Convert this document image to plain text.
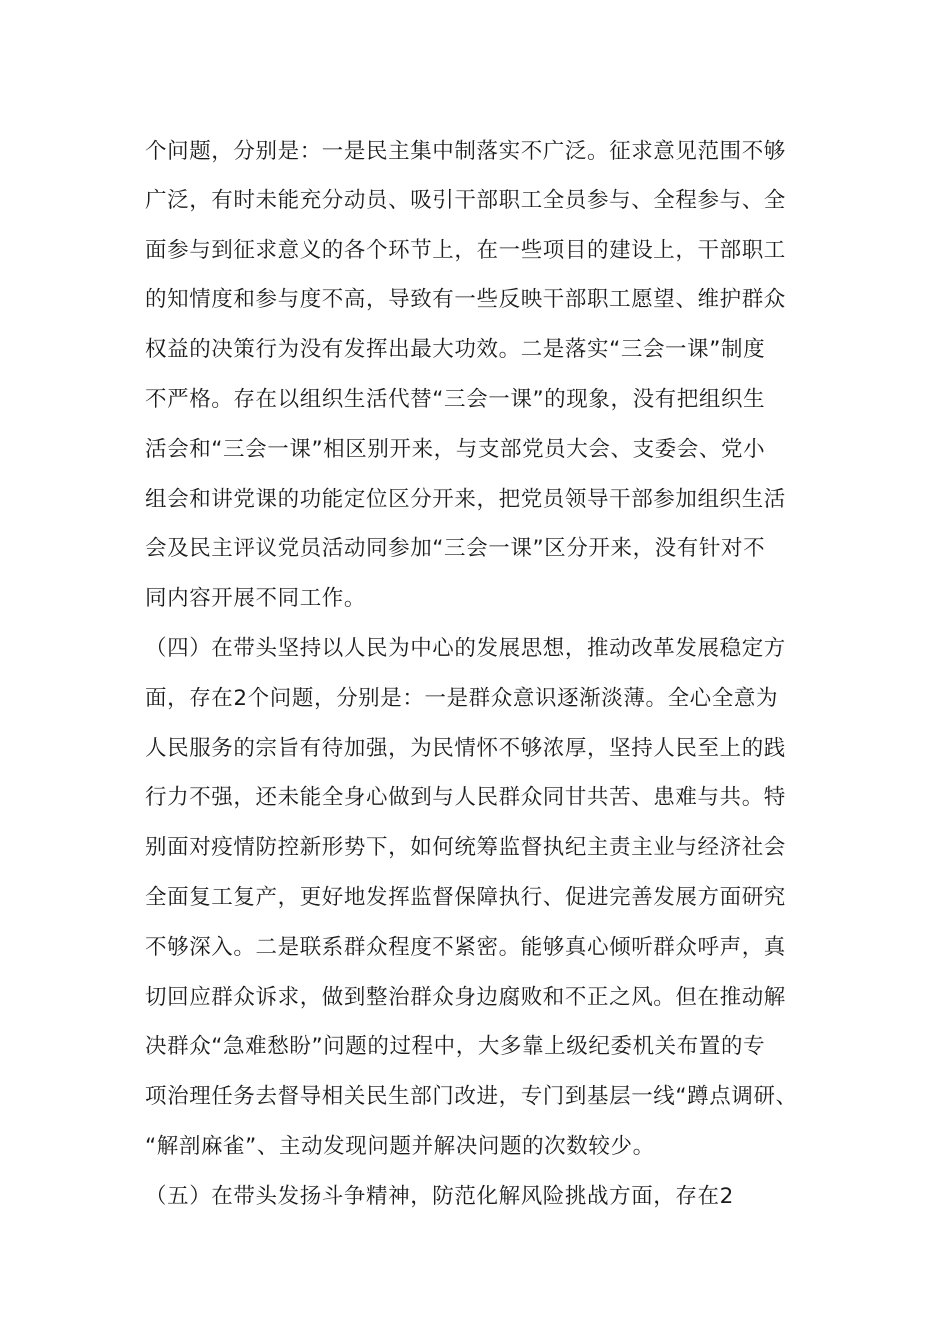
个问题，分别是：一是民主集中制落实不广泛。征求意见范围不够

广泛，有时未能充分动员、吸引干部职工全员参与、全程参与、全

面参与到征求意义的各个环节上，在一些项目的建设上，干部职工

的知情度和参与度不高，导致有一些反映干部职工愿望、维护群众

权益的决策行为没有发挥出最大功效。二是落实“三会一课”制度

不严格。存在以组织生活代替“三会一课”的现象，没有把组织生

活会和“三会一课”相区别开来，与支部党员大会、支委会、党小

组会和讲党课的功能定位区分开来，把党员领导干部参加组织生活

会及民主评议党员活动同参加“三会一课”区分开来，没有针对不

同内容开展不同工作。

（四）在带头坚持以人民为中心的发展思想，推动改革发展稳定方

面，存在2个问题，分别是：一是群众意识逐渐淡薄。全心全意为

人民服务的宗旨有待加强，为民情怀不够浓厚，坚持人民至上的践

行力不强，还未能全身心做到与人民群众同甘共苦、患难与共。特

别面对疫情防控新形势下，如何统筹监督执纪主责主业与经济社会

全面复工复产，更好地发挥监督保障执行、促进完善发展方面研究

不够深入。二是联系群众程度不紧密。能够真心倾听群众呼声，真

切回应群众诉求，做到整治群众身边腐败和不正之风。但在推动解

决群众“急难愁盼”问题的过程中，大多靠上级纪委机关布置的专

项治理任务去督导相关民生部门改进，专门到基层一线“蹲点调研、

“解剖麻雀”、主动发现问题并解决问题的次数较少。

（五）在带头发扬斗争精神，防范化解风险挑战方面，存在2
